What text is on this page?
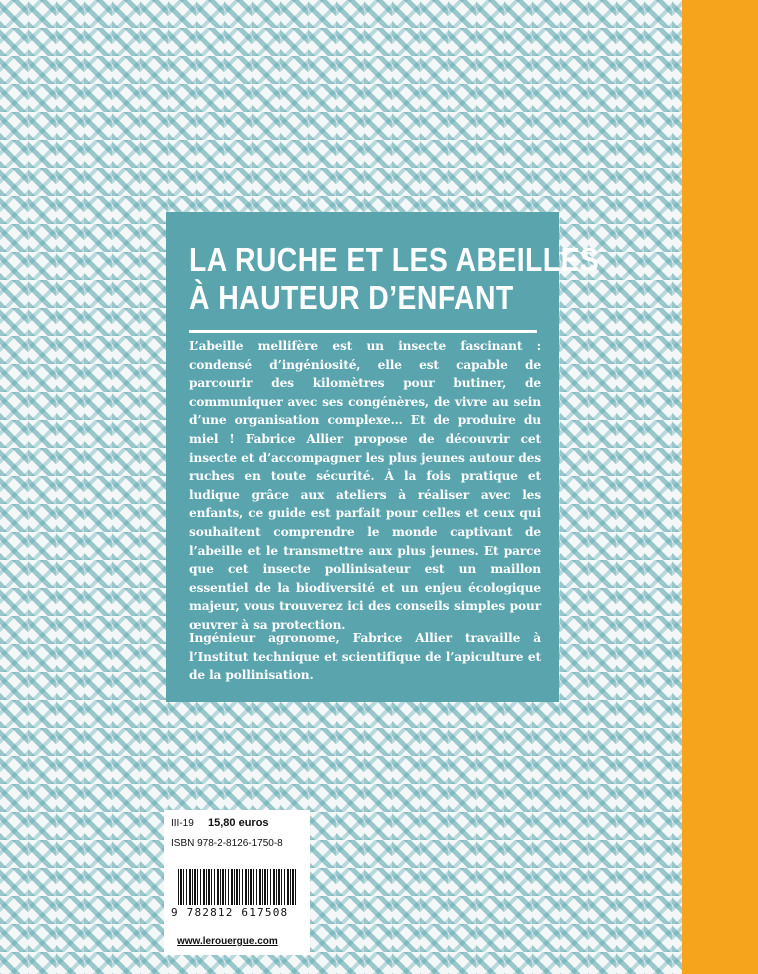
LA RUCHE ET LES ABEILLES
À HAUTEUR D’ENFANT

L’abeille mellifère est un insecte fascinant : condensé d’ingéniosité, elle est capable de parcourir des kilomètres pour butiner, de communiquer avec ses congénères, de vivre au sein d’une organisation complexe… Et de produire du miel ! Fabrice Allier propose de découvrir cet insecte et d’accompagner les plus jeunes autour des ruches en toute sécurité. À la fois pratique et ludique grâce aux ateliers à réaliser avec les enfants, ce guide est parfait pour celles et ceux qui souhaitent comprendre le monde captivant de l’abeille et le transmettre aux plus jeunes. Et parce que cet insecte pollinisateur est un maillon essentiel de la biodiversité et un enjeu écologique majeur, vous trouverez ici des conseils simples pour œuvrer à sa protection.

Ingénieur agronome, Fabrice Allier travaille à l’Institut technique et scientifique de l’apiculture et de la pollinisation.

III-19 15,80 euros
ISBN 978-2-8126-1750-8
9 782812 617508
www.lerouergue.com
